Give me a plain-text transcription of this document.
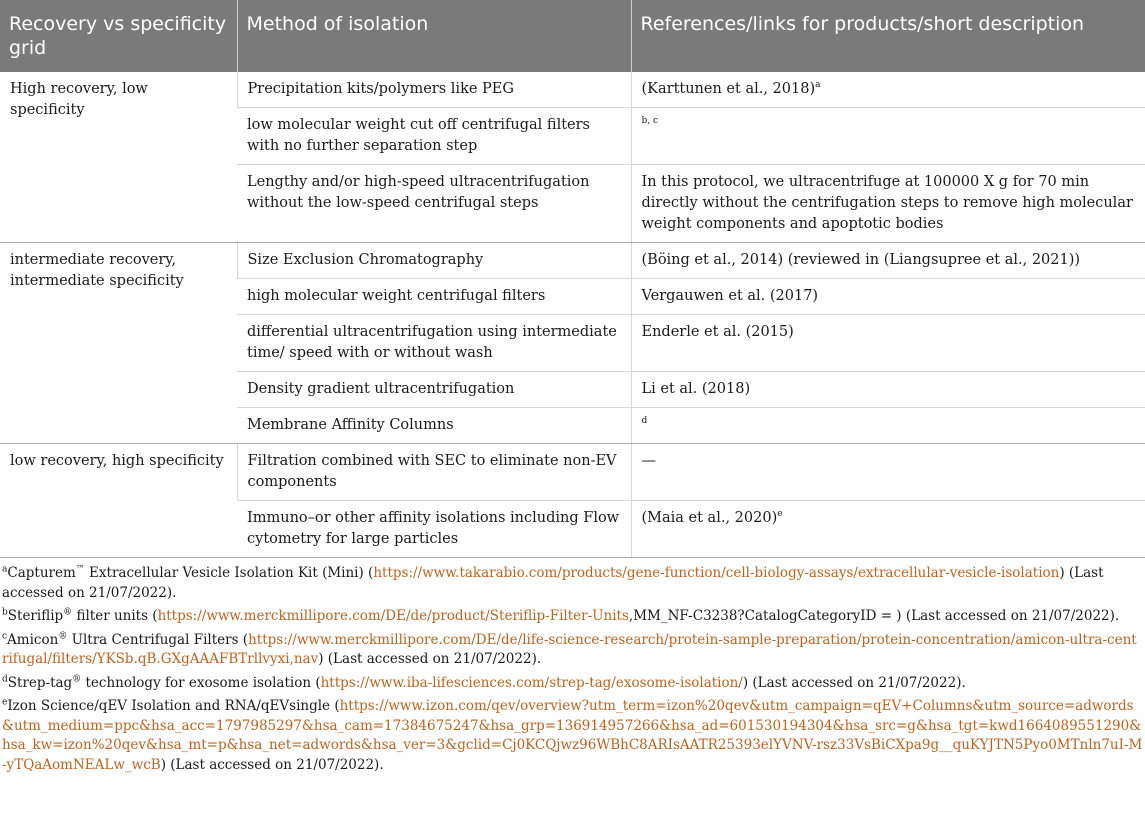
Recovery vs specificity grid	Method of isolation	References/links for products/short description
High recovery, low specificity	Precipitation kits/polymers like PEG	(Karttunen et al., 2018)$^a$
	low molecular weight cut off centrifugal filters with no further separation step	$^{b, c}$
	Lengthy and/or high-speed ultracentrifugation without the low-speed centrifugal steps	In this protocol, we ultracentrifuge at 100000 X g for 70 min directly without the centrifugation steps to remove high molecular weight components and apoptotic bodies
intermediate recovery, intermediate specificity	Size Exclusion Chromatography	(Böing et al., 2014) (reviewed in (Liangsupree et al., 2021))
	high molecular weight centrifugal filters	Vergauwen et al. (2017)
	differential ultracentrifugation using intermediate time/ speed with or without wash	Enderle et al. (2015)
	Density gradient ultracentrifugation	Li et al. (2018)
	Membrane Affinity Columns	$^d$
low recovery, high specificity	Filtration combined with SEC to eliminate non-EV components	—
	Immuno–or other affinity isolations including Flow cytometry for large particles	(Maia et al., 2020)$^e$
$^a$Capturem™ Extracellular Vesicle Isolation Kit (Mini) (https://www.takarabio.com/products/gene-function/cell-biology-assays/extracellular-vesicle-isolation) (Last accessed on 21/07/2022).
$^b$Steriflip® filter units (https://www.merckmillipore.com/DE/de/product/Steriflip-Filter-Units,MM_NF-C3238?CatalogCategoryID = ) (Last accessed on 21/07/2022).
$^c$Amicon® Ultra Centrifugal Filters (https://www.merckmillipore.com/DE/de/life-science-research/protein-sample-preparation/protein-concentration/amicon-ultra-centrifugal/filters/YKSb.qB.GXgAAAFBTrllvyxi,nav) (Last accessed on 21/07/2022).
$^d$Strep-tag® technology for exosome isolation (https://www.iba-lifesciences.com/strep-tag/exosome-isolation/) (Last accessed on 21/07/2022).
$^e$Izon Science/qEV Isolation and RNA/qEVsingle (https://www.izon.com/qev/overview?utm_term=izon%20qev&utm_campaign=qEV+Columns&utm_source=adwords&utm_medium=ppc&hsa_acc=1797985297&hsa_cam=17384675247&hsa_grp=136914957266&hsa_ad=601530194304&hsa_src=g&hsa_tgt=kwd1664089551290&hsa_kw=izon%20qev&hsa_mt=p&hsa_net=adwords&hsa_ver=3&gclid=Cj0KCQjwz96WBhC8ARIsAATR25393elYVNV-rsz33VsBiCXpa9g__quKYJTN5Pyo0MTnln7uI-M-yTQaAomNEALw_wcB) (Last accessed on 21/07/2022).
